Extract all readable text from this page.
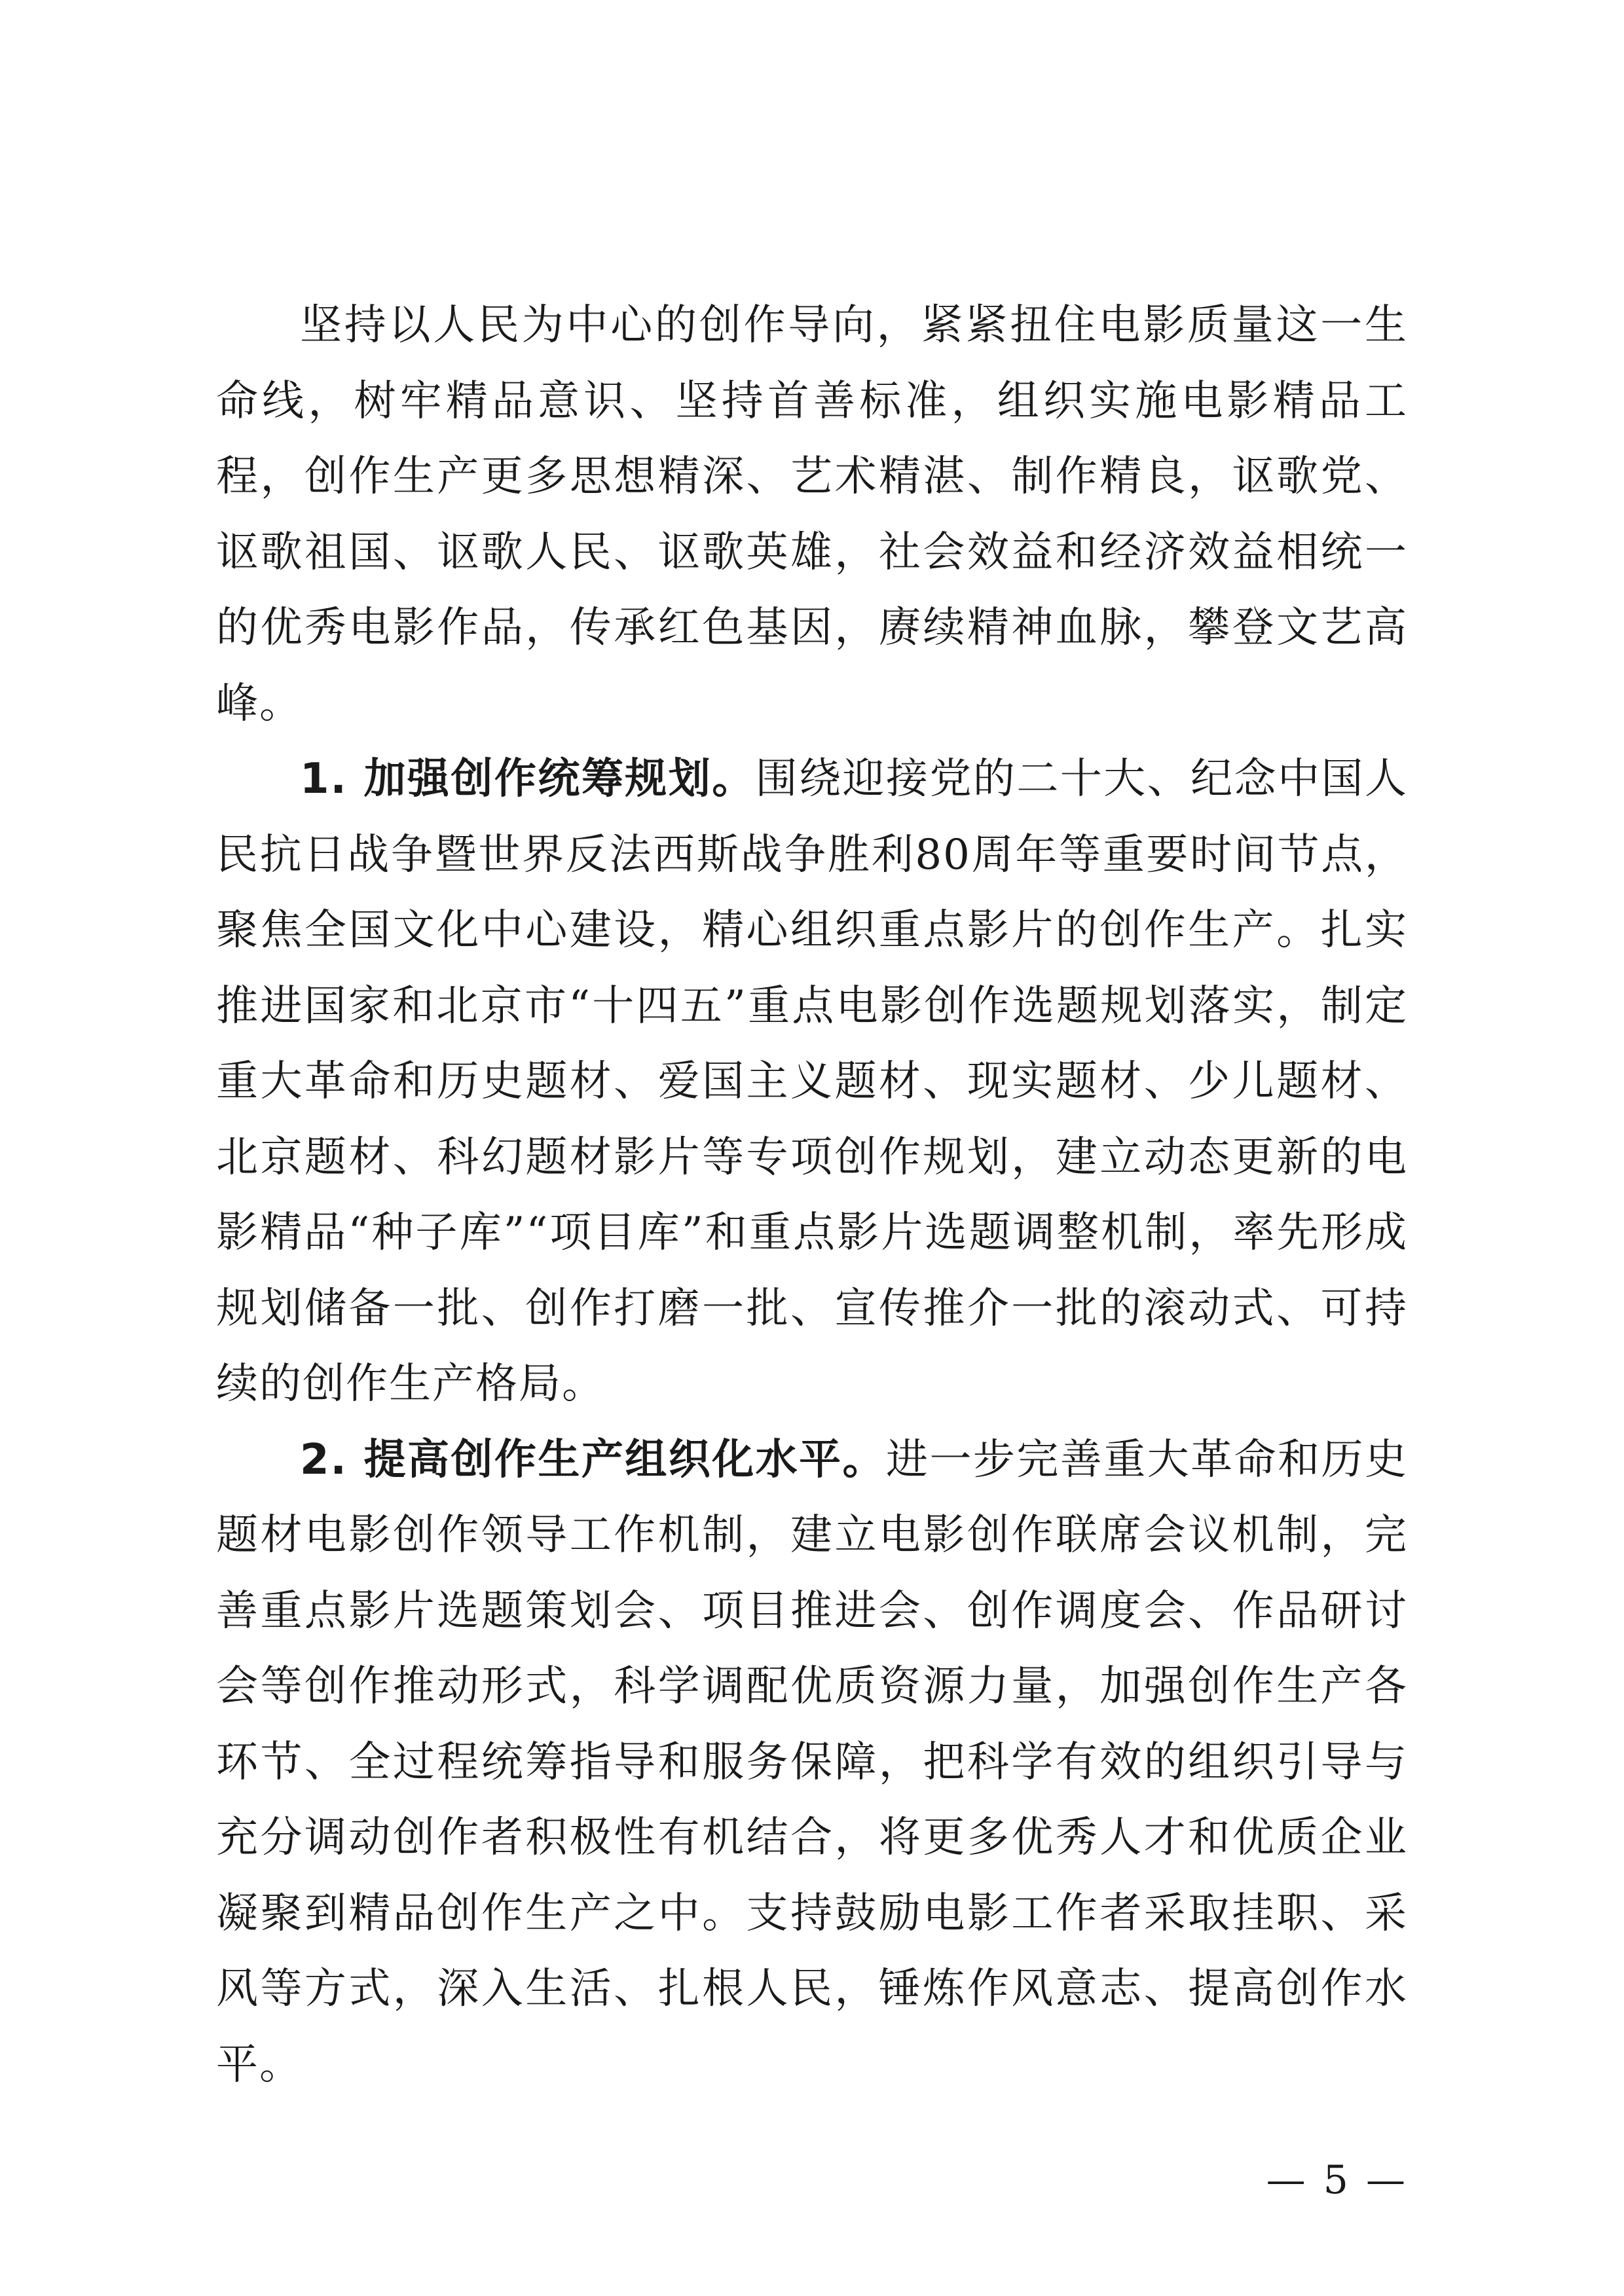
坚持以人民为中心的创作导向，紧紧扭住电影质量这一生命线，树牢精品意识、坚持首善标准，组织实施电影精品工程，创作生产更多思想精深、艺术精湛、制作精良，讴歌党、讴歌祖国、讴歌人民、讴歌英雄，社会效益和经济效益相统一的优秀电影作品，传承红色基因，赓续精神血脉，攀登文艺高峰。

1. 加强创作统筹规划。围绕迎接党的二十大、纪念中国人民抗日战争暨世界反法西斯战争胜利80周年等重要时间节点，聚焦全国文化中心建设，精心组织重点影片的创作生产。扎实推进国家和北京市“十四五”重点电影创作选题规划落实，制定重大革命和历史题材、爱国主义题材、现实题材、少儿题材、北京题材、科幻题材影片等专项创作规划，建立动态更新的电影精品“种子库”“项目库”和重点影片选题调整机制，率先形成规划储备一批、创作打磨一批、宣传推介一批的滚动式、可持续的创作生产格局。

2. 提高创作生产组织化水平。进一步完善重大革命和历史题材电影创作领导工作机制，建立电影创作联席会议机制，完善重点影片选题策划会、项目推进会、创作调度会、作品研讨会等创作推动形式，科学调配优质资源力量，加强创作生产各环节、全过程统筹指导和服务保障，把科学有效的组织引导与充分调动创作者积极性有机结合，将更多优秀人才和优质企业凝聚到精品创作生产之中。支持鼓励电影工作者采取挂职、采风等方式，深入生活、扎根人民，锤炼作风意志、提高创作水平。

— 5 —
